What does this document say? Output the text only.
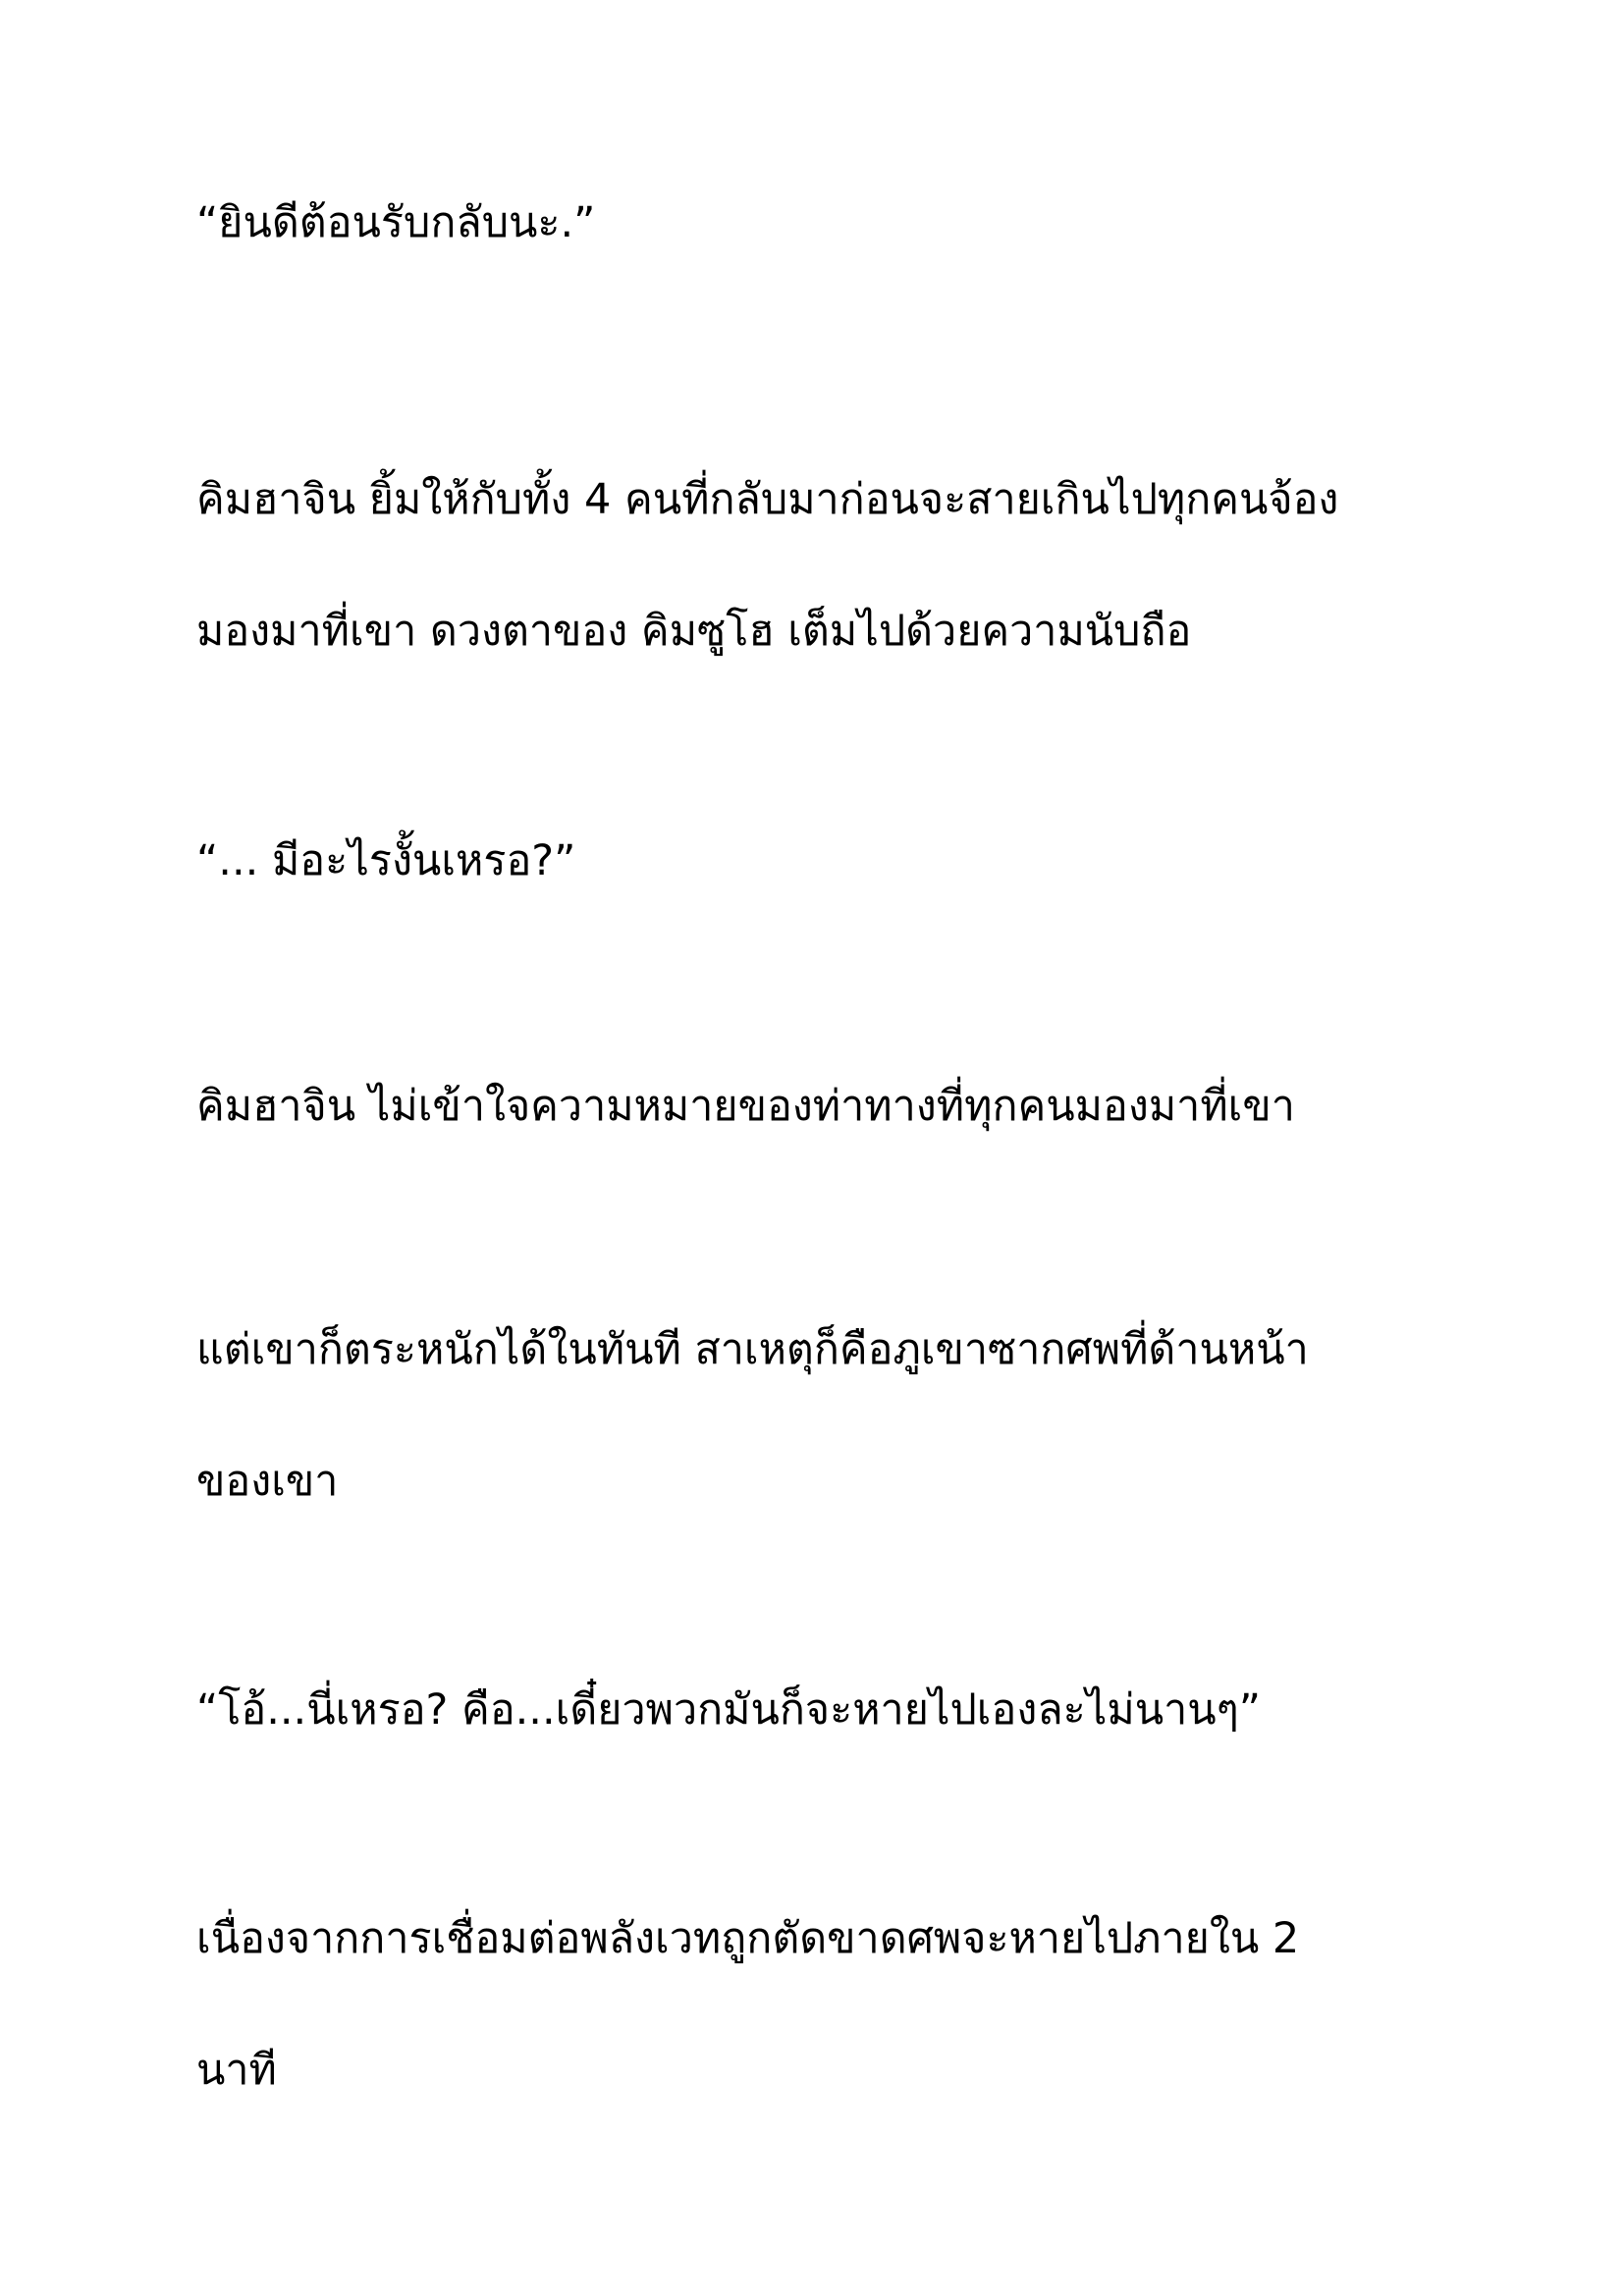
“ยินดีต้อนรับกลับนะ.”

คิมฮาจิน ยิ้มให้กับทั้ง 4 คนที่กลับมาก่อนจะสายเกินไปทุกคนจ้อง
มองมาที่เขา ดวงตาของ คิมซูโฮ เต็มไปด้วยความนับถือ

“... มีอะไรงั้นเหรอ?”

คิมฮาจิน ไม่เข้าใจความหมายของท่าทางที่ทุกคนมองมาที่เขา

แต่เขาก็ตระหนักได้ในทันที สาเหตุก็คือภูเขาซากศพที่ด้านหน้า
ของเขา

“โอ้...นี่เหรอ? คือ...เดี๋ยวพวกมันก็จะหายไปเองละไม่นานๆ”

เนื่องจากการเชื่อมต่อพลังเวทถูกตัดขาดศพจะหายไปภายใน 2
นาที
